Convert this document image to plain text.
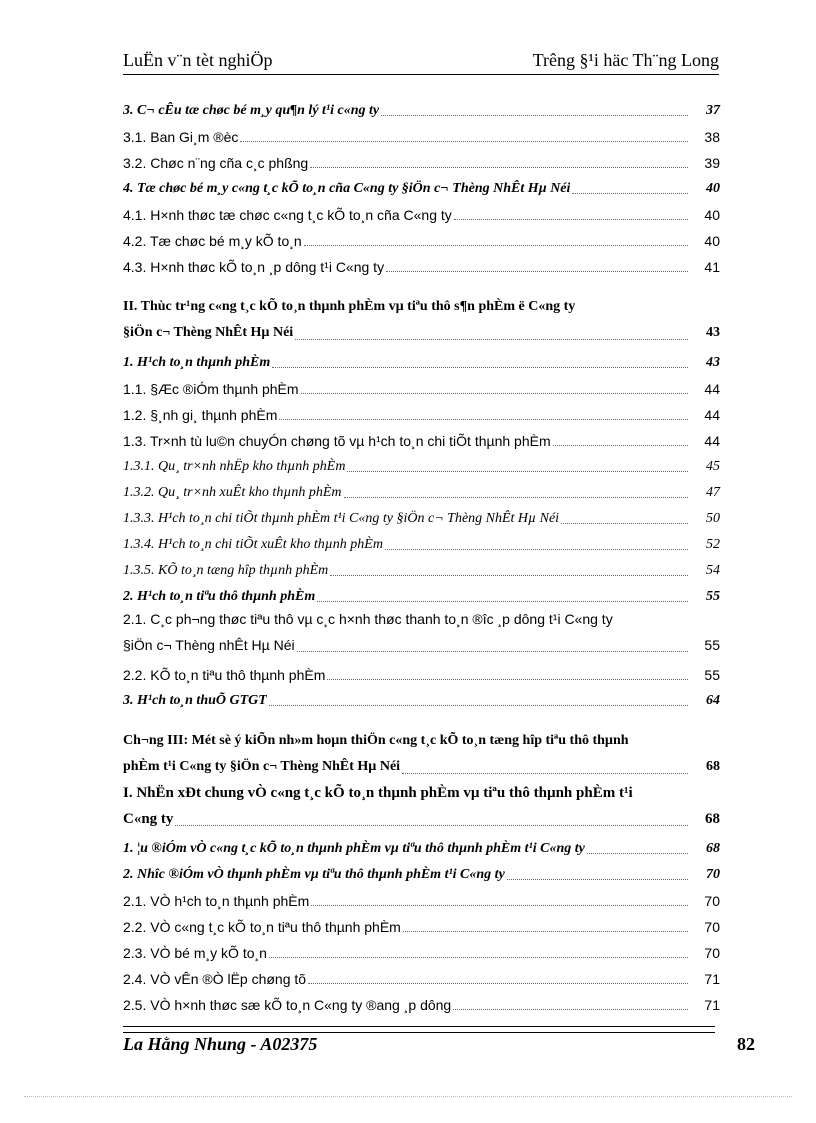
LuËn v¨n tèt nghiÖp	Trêng §¹i häc Th¨ng Long
3. C¬ cÊu tæ chøc bé m¸y qu¶n lý t¹i c«ng ty	37
3.1. Ban Gi¸m ®èc	38
3.2. Chøc n¨ng cña c¸c phßng	39
4. Tæ chøc bé m¸y c«ng t¸c kÕ to¸n cña C«ng ty §iÖn c¬ Thèng NhÊt Hµ Néi	40
4.1. H×nh thøc tæ chøc c«ng t¸c kÕ to¸n cña C«ng ty	40
4.2. Tæ chøc bé m¸y kÕ to¸n	40
4.3. H×nh thøc kÕ to¸n ¸p dông t¹i C«ng ty	41
II. Thùc tr¹ng c«ng t¸c kÕ to¸n thµnh phÈm vµ tiªu thô s¶n phÈm ë C«ng ty
§iÖn c¬ Thèng NhÊt Hµ Néi	43
1. H¹ch to¸n thµnh phÈm	43
1.1. §Æc ®iÓm thµnh phÈm	44
1.2. §¸nh gi¸ thµnh phÈm	44
1.3. Tr×nh tù lu©n chuyÓn chøng tõ vµ h¹ch to¸n chi tiÕt thµnh phÈm	44
1.3.1. Qu¸ tr×nh nhËp kho thµnh phÈm	45
1.3.2. Qu¸ tr×nh xuÊt kho thµnh phÈm	47
1.3.3. H¹ch to¸n chi tiÕt thµnh phÈm t¹i C«ng ty §iÖn c¬ Thèng NhÊt Hµ Néi	50
1.3.4. H¹ch to¸n chi tiÕt xuÊt kho thµnh phÈm	52
1.3.5. KÕ to¸n tæng hîp thµnh phÈm	54
2. H¹ch to¸n tiªu thô thµnh phÈm	55
2.1. C¸c ph¬ng thøc tiªu thô vµ c¸c h×nh thøc thanh to¸n ®îc ¸p dông t¹i C«ng ty
§iÖn c¬ Thèng nhÊt Hµ Néi	55
2.2. KÕ to¸n tiªu thô thµnh phÈm	55
3. H¹ch to¸n thuÕ GTGT	64
Ch¬ng III: Mét sè ý kiÕn nh»m hoµn thiÖn c«ng t¸c kÕ to¸n tæng hîp tiªu thô thµnh
phÈm t¹i C«ng ty §iÖn c¬ Thèng NhÊt Hµ Néi	68
I. NhËn xÐt chung vÒ c«ng t¸c kÕ to¸n thµnh phÈm vµ tiªu thô thµnh phÈm t¹i
C«ng ty	68
1. ¦u ®iÓm vÒ c«ng t¸c kÕ to¸n thµnh phÈm vµ tiªu thô thµnh phÈm t¹i C«ng ty	68
2. Nhîc ®iÓm vÒ thµnh phÈm vµ tiªu thô thµnh phÈm t¹i C«ng ty	70
2.1. VÒ h¹ch to¸n thµnh phÈm	70
2.2. VÒ c«ng t¸c kÕ to¸n tiªu thô thµnh phÈm	70
2.3. VÒ bé m¸y kÕ to¸n	70
2.4. VÒ vÊn ®Ò lËp chøng tõ	71
2.5. VÒ h×nh thøc sæ kÕ to¸n C«ng ty ®ang ¸p dông	71
La Hằng Nhung - A02375	82
